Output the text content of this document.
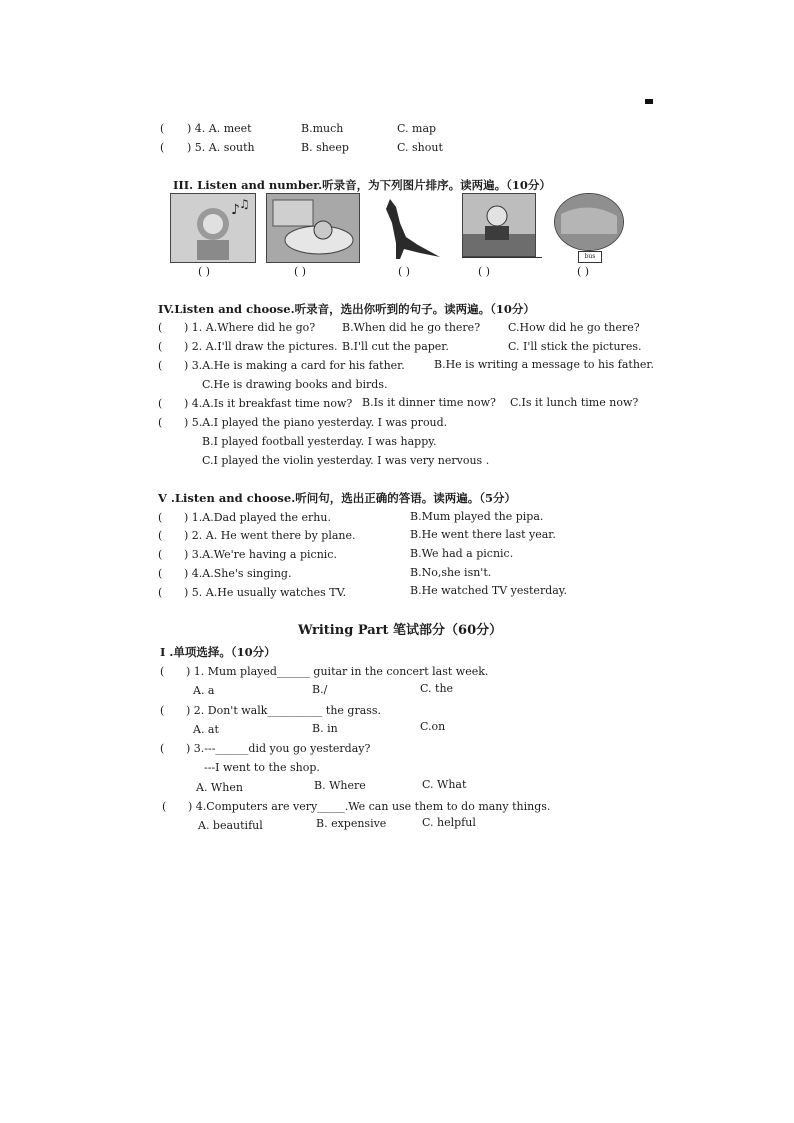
( ) 4. A. meet	B.much	C. map
( ) 5. A. south	B. sheep	C. shout
III. Listen and number.听录音，为下列图片排序。读两遍。（10分）
♪ ♫
bus
( )	( )	( )	( )	( )
IV.Listen and choose.听录音，选出你听到的句子。读两遍。（10分）
( ) 1. A.Where did he go? B.When did he go there?	C.How did he go there?
( ) 2. A.I'll draw the pictures. B.I'll cut the paper.	C. I'll stick the pictures.
( ) 3.A.He is making a card for his father.	B.He is writing a message to his father.
C.He is drawing books and birds.
( ) 4.A.Is it breakfast time now? B.Is it dinner time now? C.Is it lunch time now?
( ) 5.A.I played the piano yesterday. I was proud.
B.I played football yesterday. I was happy.
C.I played the violin yesterday. I was very nervous .
V .Listen and choose.听问句，选出正确的答语。读两遍。（5分）
( ) 1.A.Dad played the erhu.	B.Mum played the pipa.
( ) 2. A. He went there by plane.	B.He went there last year.
( ) 3.A.We're having a picnic.	B.We had a picnic.
( ) 4.A.She's singing.	B.No,she isn't.
( ) 5. A.He usually watches TV.	B.He watched TV yesterday.
Writing Part 笔试部分（60分）
I .单项选择。（10分）
( ) 1. Mum played______ guitar in the concert last week.
A. a	B./	C. the
( ) 2. Don't walk__________ the grass.
A. at	B. in	C.on
( ) 3.---______did you go yesterday?
---I went to the shop.
A. When	B. Where	C. What
( ) 4.Computers are very_____.We can use them to do many things.
A. beautiful	B. expensive	C. helpful
